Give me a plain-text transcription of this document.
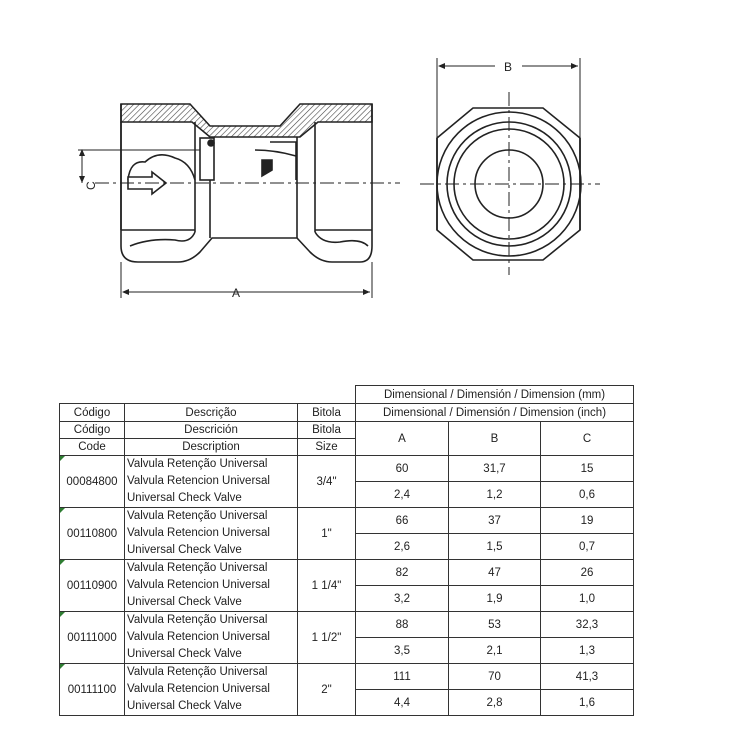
C
A
B
			Dimensional / Dimensión / Dimension (mm)		
Código	Descrição	Bitola	Dimensional / Dimensión / Dimension (inch)		
Código	Descrición	Bitola	A	B	C
Code	Description	Size			
00084800	Valvula Retenção Universal
Valvula Retencion Universal
Universal Check Valve	3/4"	60	31,7	15
			2,4	1,2	0,6
00110800	Valvula Retenção Universal
Valvula Retencion Universal
Universal Check Valve	1"	66	37	19
			2,6	1,5	0,7
00110900	Valvula Retenção Universal
Valvula Retencion Universal
Universal Check Valve	1 1/4"	82	47	26
			3,2	1,9	1,0
00111000	Valvula Retenção Universal
Valvula Retencion Universal
Universal Check Valve	1 1/2"	88	53	32,3
			3,5	2,1	1,3
00111100	Valvula Retenção Universal
Valvula Retencion Universal
Universal Check Valve	2"	111	70	41,3
			4,4	2,8	1,6
